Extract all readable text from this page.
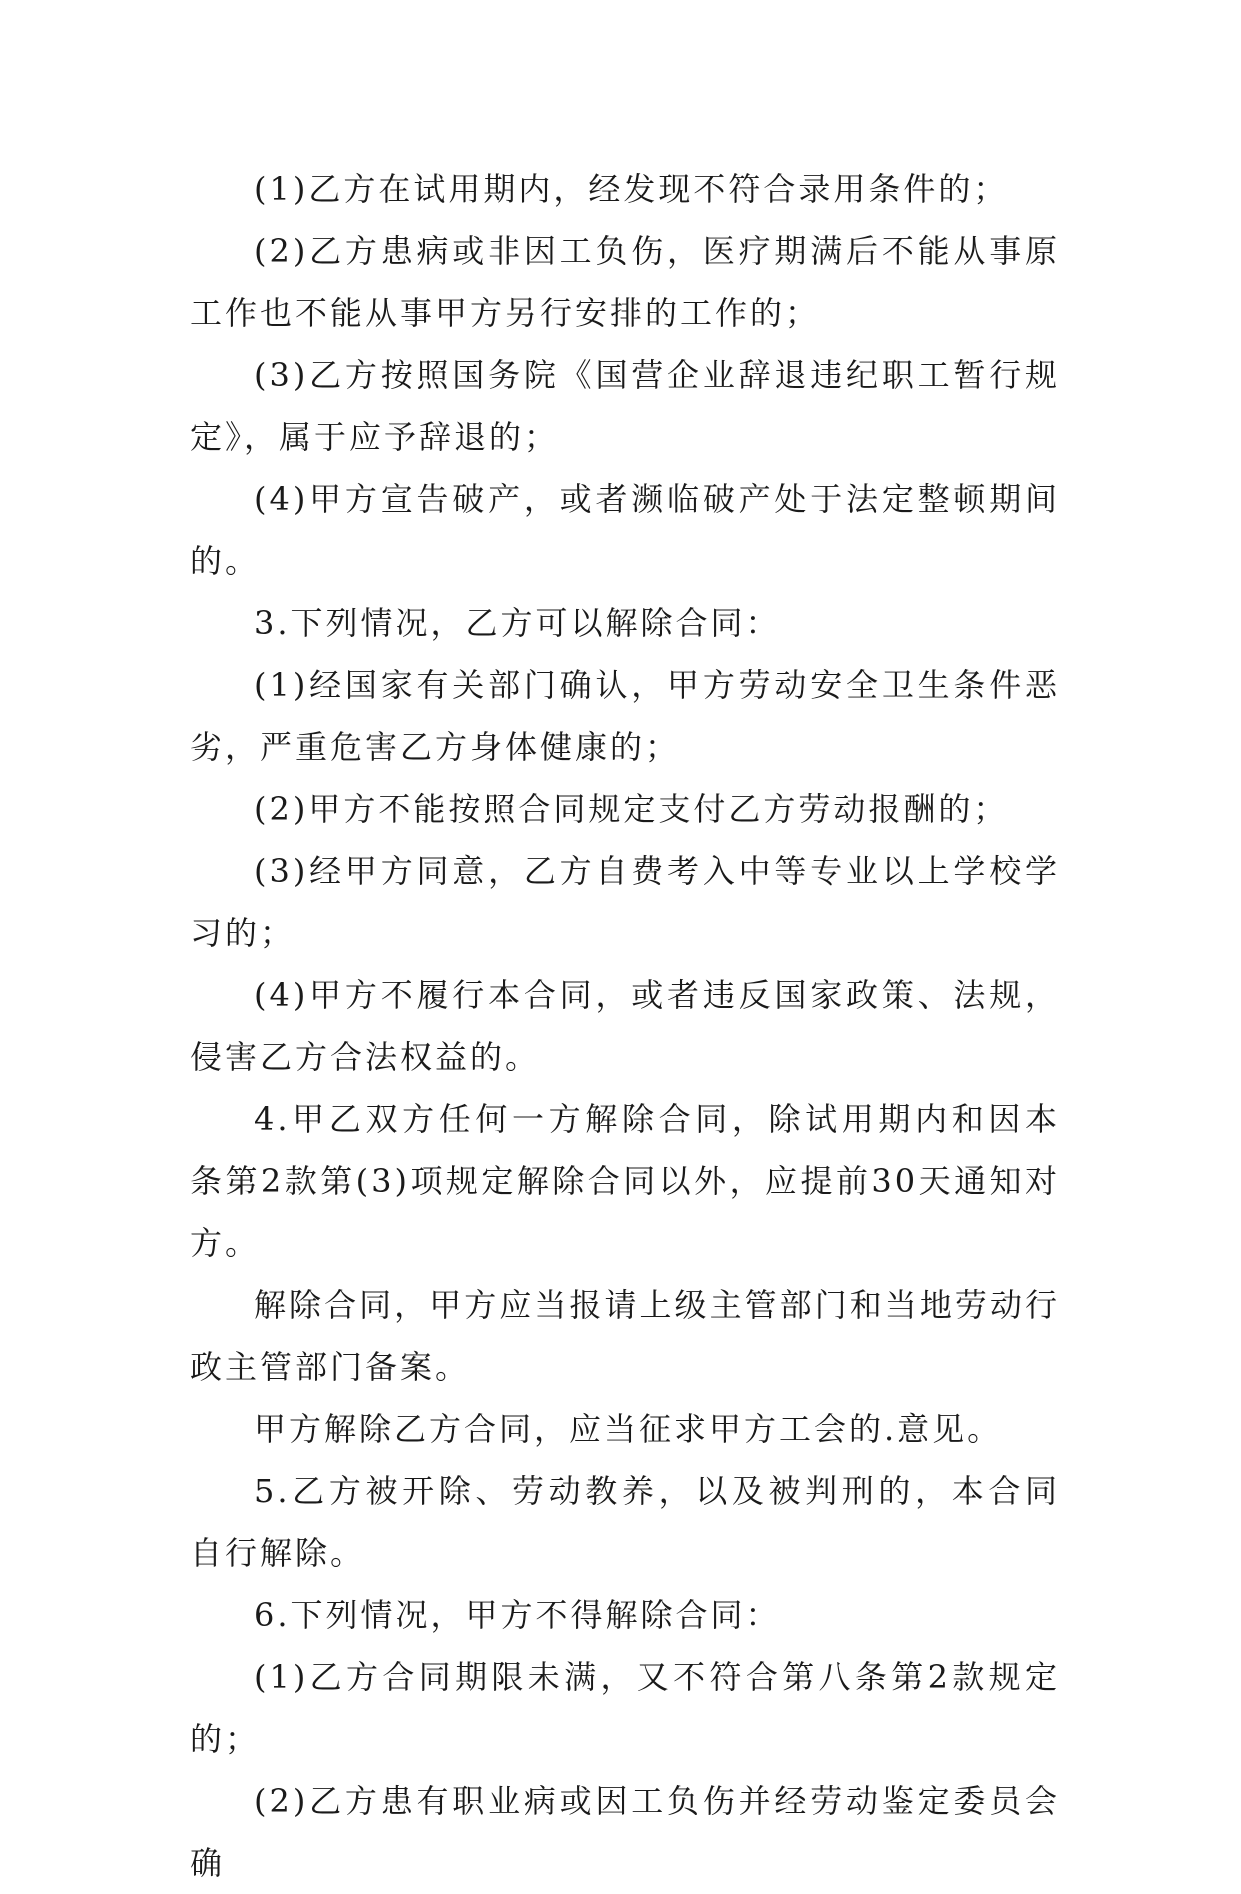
(1)乙方在试用期内，经发现不符合录用条件的；

(2)乙方患病或非因工负伤，医疗期满后不能从事原工作也不能从事甲方另行安排的工作的；

(3)乙方按照国务院《国营企业辞退违纪职工暂行规定》，属于应予辞退的；

(4)甲方宣告破产，或者濒临破产处于法定整顿期间的。

3.下列情况，乙方可以解除合同：

(1)经国家有关部门确认，甲方劳动安全卫生条件恶劣，严重危害乙方身体健康的；

(2)甲方不能按照合同规定支付乙方劳动报酬的；

(3)经甲方同意，乙方自费考入中等专业以上学校学习的；

(4)甲方不履行本合同，或者违反国家政策、法规，侵害乙方合法权益的。

4.甲乙双方任何一方解除合同，除试用期内和因本条第2款第(3)项规定解除合同以外，应提前30天通知对方。

解除合同，甲方应当报请上级主管部门和当地劳动行政主管部门备案。

甲方解除乙方合同，应当征求甲方工会的.意见。

5.乙方被开除、劳动教养，以及被判刑的，本合同自行解除。

6.下列情况，甲方不得解除合同：

(1)乙方合同期限未满，又不符合第八条第2款规定的；

(2)乙方患有职业病或因工负伤并经劳动鉴定委员会确
